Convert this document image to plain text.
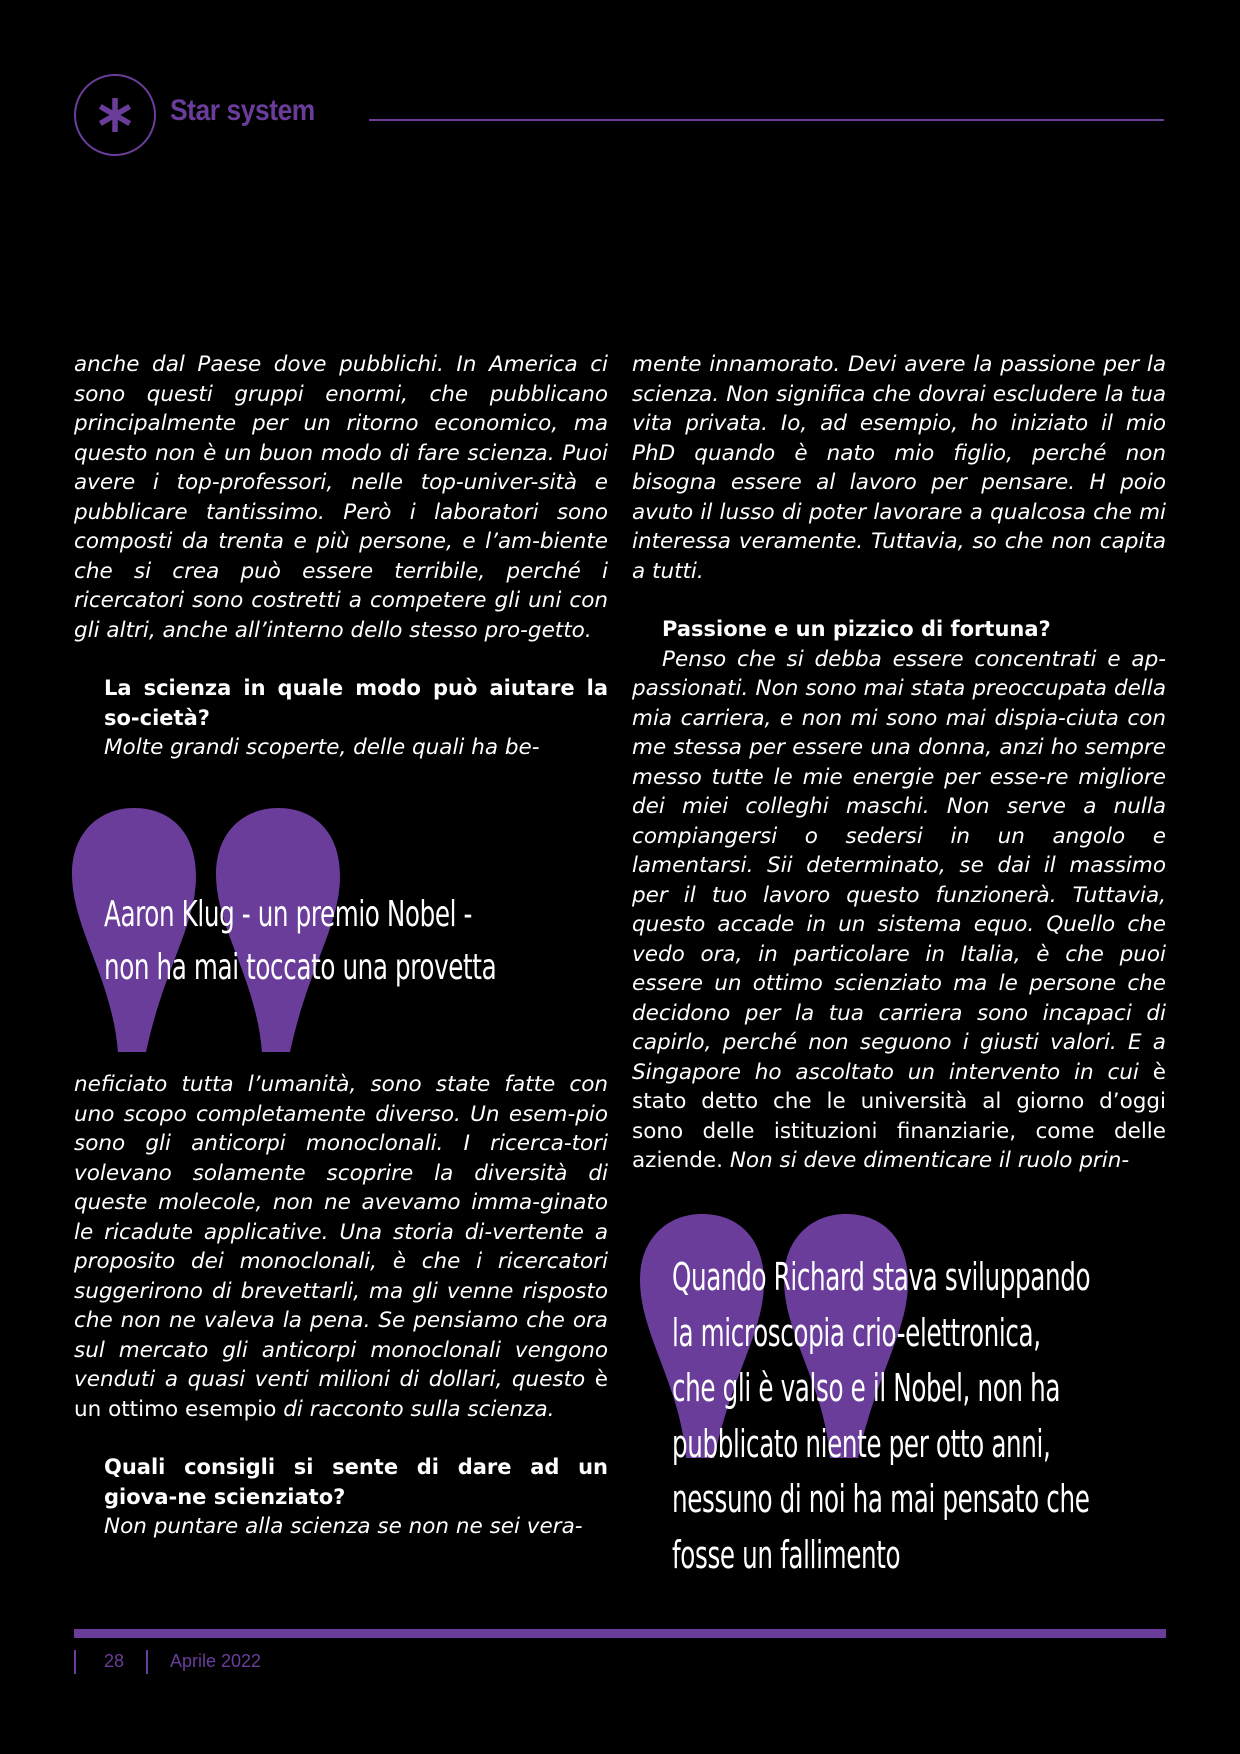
Star system

anche dal Paese dove pubblichi. In America ci sono questi gruppi enormi, che pubblicano principalmente per un ritorno economico, ma questo non è un buon modo di fare scienza. Puoi avere i top-professori, nelle top-univer-sità e pubblicare tantissimo. Però i laboratori sono composti da trenta e più persone, e l’am-biente che si crea può essere terribile, perché i ricercatori sono costretti a competere gli uni con gli altri, anche all’interno dello stesso pro-getto.

La scienza in quale modo può aiutare la so-cietà?

Molte grandi scoperte, delle quali ha be-

Aaron Klug - un premio Nobel -
non ha mai toccato una provetta

neficiato tutta l’umanità, sono state fatte con uno scopo completamente diverso. Un esem-pio sono gli anticorpi monoclonali. I ricerca-tori volevano solamente scoprire la diversità di queste molecole, non ne avevamo imma-ginato le ricadute applicative. Una storia di-vertente a proposito dei monoclonali, è che i ricercatori suggerirono di brevettarli, ma gli venne risposto che non ne valeva la pena. Se pensiamo che ora sul mercato gli anticorpi monoclonali vengono venduti a quasi venti milioni di dollari, questo è un ottimo esempio di racconto sulla scienza.

Quali consigli si sente di dare ad un giova-ne scienziato?

Non puntare alla scienza se non ne sei vera-

mente innamorato. Devi avere la passione per la scienza. Non significa che dovrai escludere la tua vita privata. Io, ad esempio, ho iniziato il mio PhD quando è nato mio figlio, perché non bisogna essere al lavoro per pensare. H poio avuto il lusso di poter lavorare a qualcosa che mi interessa veramente. Tuttavia, so che non capita a tutti.

Passione e un pizzico di fortuna?

Penso che si debba essere concentrati e ap-passionati. Non sono mai stata preoccupata della mia carriera, e non mi sono mai dispia-ciuta con me stessa per essere una donna, anzi ho sempre messo tutte le mie energie per esse-re migliore dei miei colleghi maschi. Non serve a nulla compiangersi o sedersi in un angolo e lamentarsi. Sii determinato, se dai il massimo per il tuo lavoro questo funzionerà. Tuttavia, questo accade in un sistema equo. Quello che vedo ora, in particolare in Italia, è che puoi essere un ottimo scienziato ma le persone che decidono per la tua carriera sono incapaci di capirlo, perché non seguono i giusti valori. E a Singapore ho ascoltato un intervento in cui è stato detto che le università al giorno d’oggi sono delle istituzioni finanziarie, come delle aziende. Non si deve dimenticare il ruolo prin-

Quando Richard stava sviluppando
la microscopia crio-elettronica,
che gli è valso e il Nobel, non ha
pubblicato niente per otto anni,
nessuno di noi ha mai pensato che
fosse un fallimento

28	Aprile 2022
